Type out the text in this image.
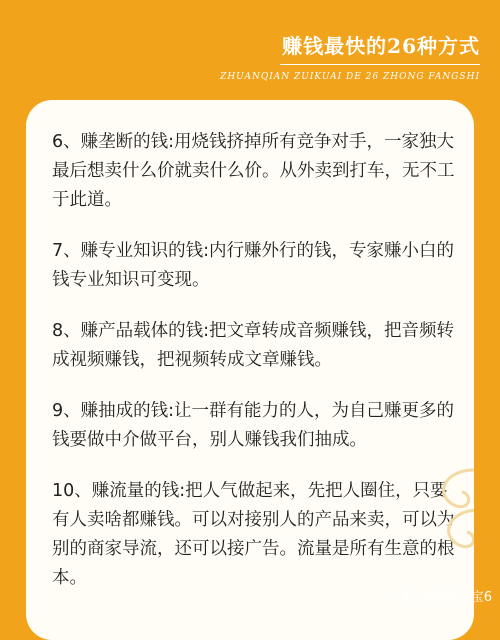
赚钱最快的26种方式
ZHUANQIAN ZUIKUAI DE 26 ZHONG FANGSHI

6、赚垄断的钱:用烧钱挤掉所有竞争对手，一家独大最后想卖什么价就卖什么价。从外卖到打车，无不工于此道。

7、赚专业知识的钱:内行赚外行的钱，专家赚小白的钱专业知识可变现。

8、赚产品载体的钱:把文章转成音频赚钱，把音频转成视频赚钱，把视频转成文章赚钱。

9、赚抽成的钱:让一群有能力的人，为自己赚更多的钱要做中介做平台，别人赚钱我们抽成。

10、赚流量的钱:把人气做起来，先把人圈住，只要有人卖啥都赚钱。可以对接别人的产品来卖，可以为别的商家导流，还可以接广告。流量是所有生意的根本。

◉ @雪影宝宝6
